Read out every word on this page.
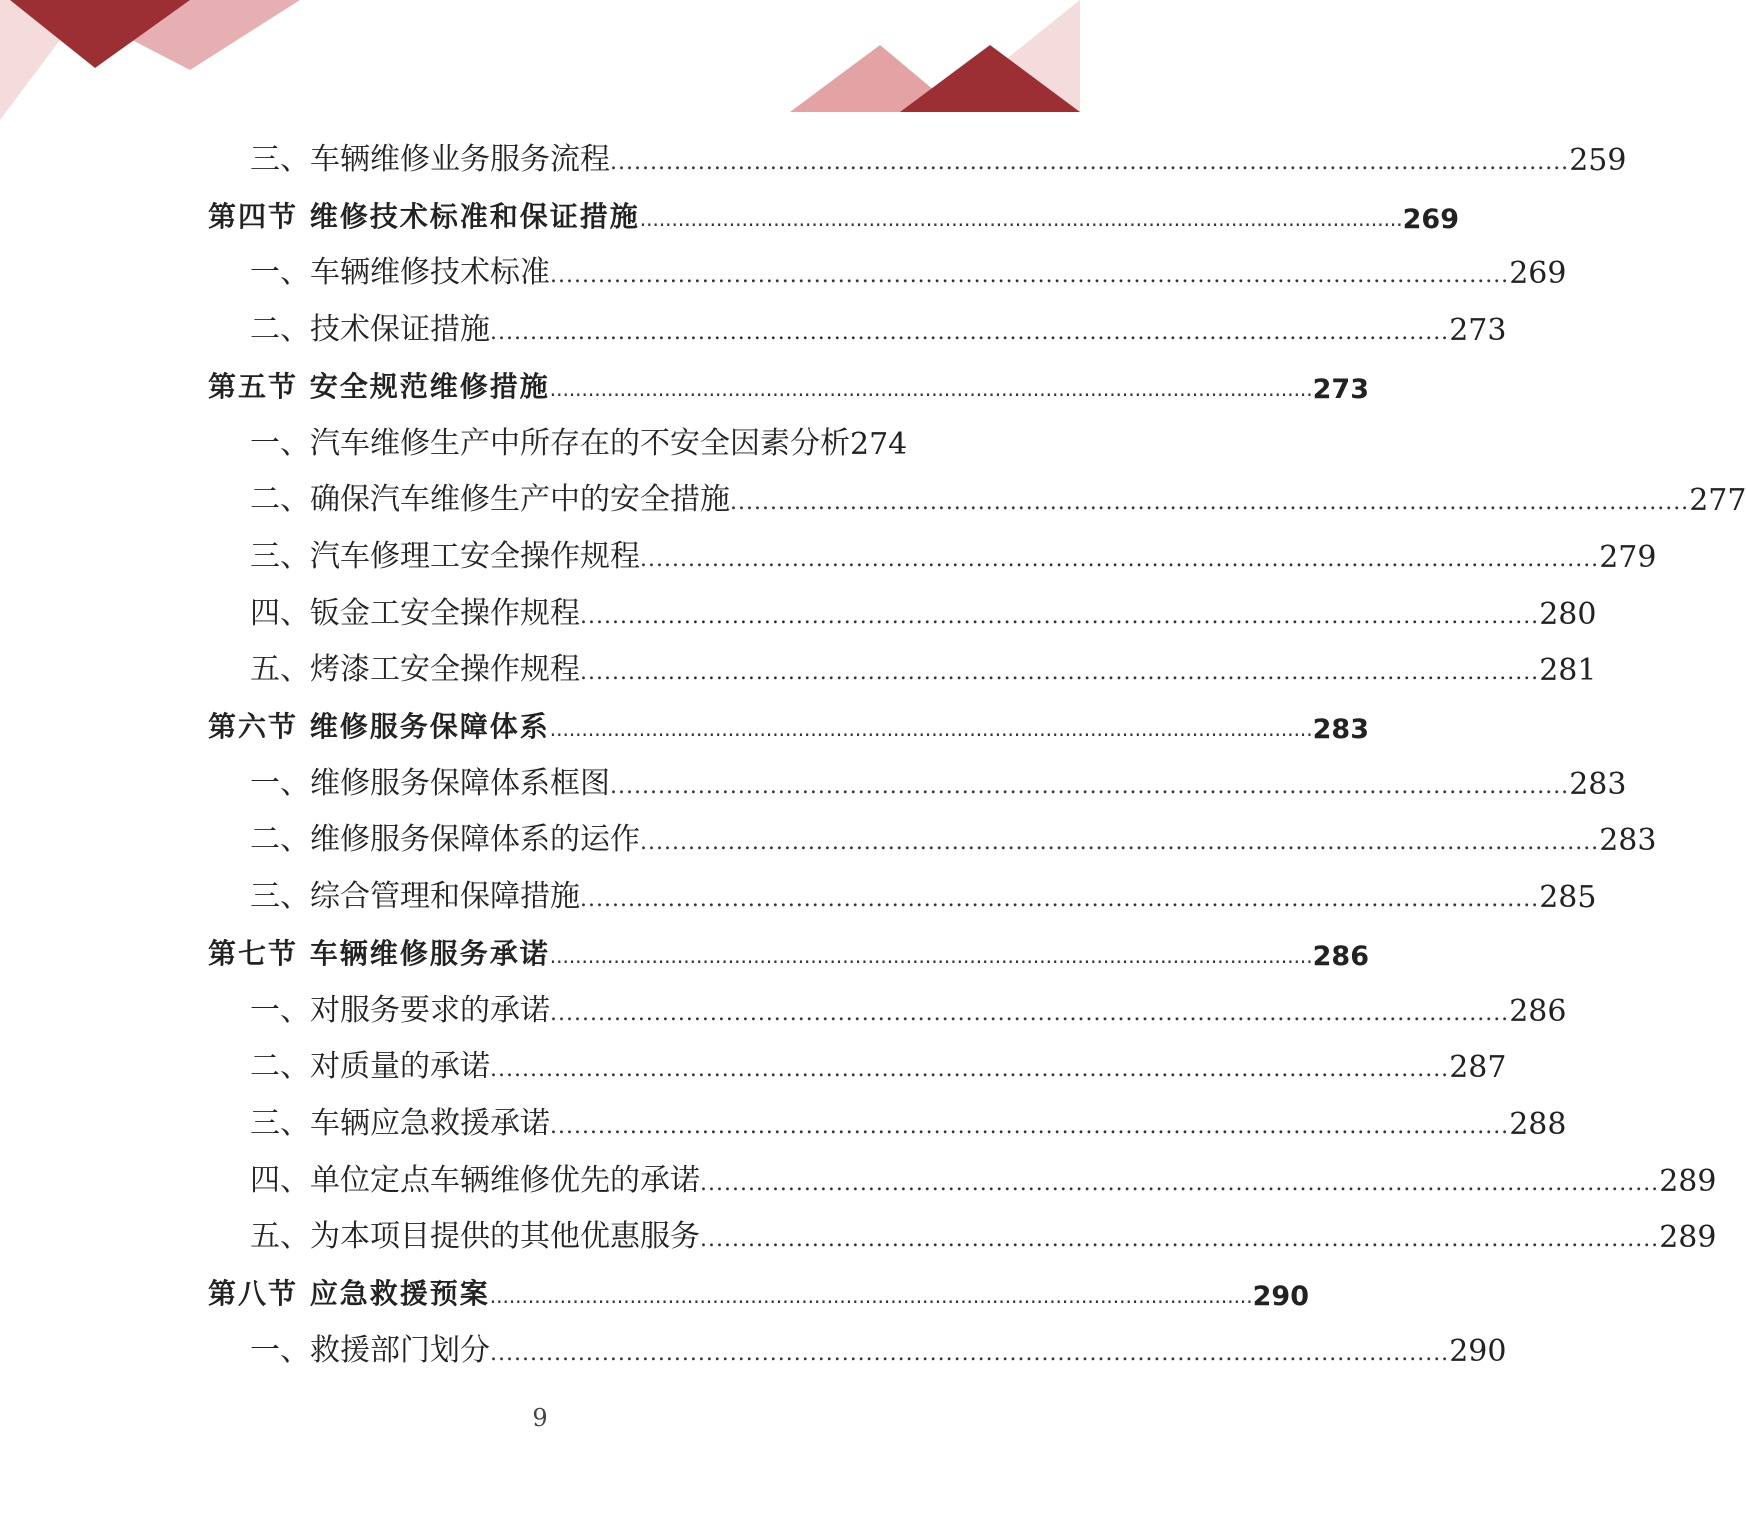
三、车辆维修业务服务流程 ........................................................................................................................ 259
第四节 维修技术标准和保证措施 ........................................................................................................................ 269
一、车辆维修技术标准 ........................................................................................................................ 269
二、技术保证措施 ........................................................................................................................ 273
第五节 安全规范维修措施 ........................................................................................................................ 273
一、汽车维修生产中所存在的不安全因素分析 274
二、确保汽车维修生产中的安全措施 ........................................................................................................................ 277
三、汽车修理工安全操作规程 ........................................................................................................................ 279
四、钣金工安全操作规程 ........................................................................................................................ 280
五、烤漆工安全操作规程 ........................................................................................................................ 281
第六节 维修服务保障体系 ........................................................................................................................ 283
一、维修服务保障体系框图 ........................................................................................................................ 283
二、维修服务保障体系的运作 ........................................................................................................................ 283
三、综合管理和保障措施 ........................................................................................................................ 285
第七节 车辆维修服务承诺 ........................................................................................................................ 286
一、对服务要求的承诺 ........................................................................................................................ 286
二、对质量的承诺 ........................................................................................................................ 287
三、车辆应急救援承诺 ........................................................................................................................ 288
四、单位定点车辆维修优先的承诺 ........................................................................................................................ 289
五、为本项目提供的其他优惠服务 ........................................................................................................................ 289
第八节 应急救援预案 ........................................................................................................................ 290
一、救援部门划分 ........................................................................................................................ 290
9
